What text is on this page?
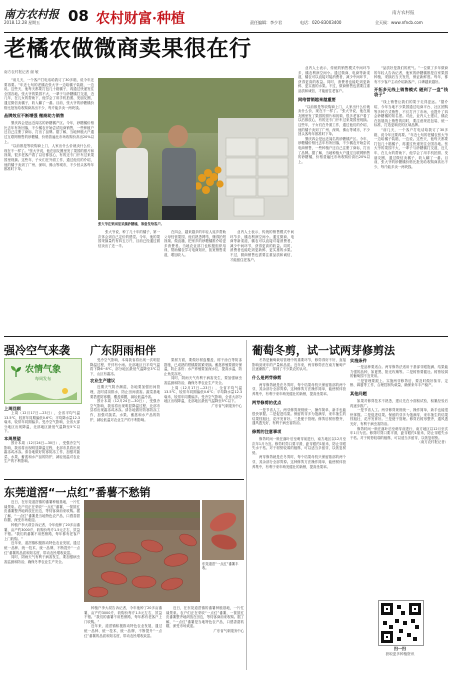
南方农村报
2018.12.28 星期五 08 农村财富·种植	责任编辑：李少君	电话：020-83003400	全天候：www.nfncb.com
南方农村报
老橘农做微商卖果很在行
南方农村报记者 谢 敏

“前几天，一个客户打电话给我订了30多箱，说今年还要再要。”年近七旬的老橘农张大爷一边给橘子装箱，一边说。这些天，他每天都要打包几十箱橘子，再通过快递发往全国各地。张大爷的果园不大，一辈子与砂糖橘打交道，近几年，在儿女的帮助下，他学会了用手机拍照、发朋友圈，通过微信卖橘子，收入翻了一番。目前，张大爷的砂糖橘价格比批发给收购商高出不少，每斤能多卖一两块钱。

品牌效应不断增强 微商助力销售

肇庆四会是远近闻名的砂糖橘产区。今年，砂糖橘价格比去年有所回落，不少橘农开始尝试电商销售，一些种植户还自己注册了商标，打出了品牌。据了解，当地种植大户通过互联网销售的砂糖橘，价格普遍比市场收购价高出20%以上。

“以前都是等收购商上门，人家出什么价就卖什么价，现在不一样了。”张大爷说，他在朋友圈里发了果园的照片和视频，很多老客户看了以后都放心，有的还专门开车过来果园里现摘。这些年，子女们在外面工作，通过他们的介绍，他的橘子卖到了广州、深圳、佛山等城市，不少回头客每年都准时下单。

张大爷在果园里采摘砂糖橘，准备发给客户。

张大爷说，种了几十年的橘子，第一次体会到自己定价的感觉。今年，他的果园采摘量约有四五万斤，目前已经通过微信卖出了近一半。

在四会，越来越多的年轻人返乡帮助父母经营果园，他们熟悉网络，懂得拍短视频、做直播，把家乡的砂糖橘推介给更多消费者。当地农业部门也积极组织培训，帮助橘农学习电商知识，拓宽销售渠道，增加收入。

业内人士表示，传统的销售模式中间环节多，橘农利润空间小。通过微商、电商等新渠道，橘农可以直接对接消费者，减少中间环节，获得更高的收益。同时，消费者也能吃到更新鲜、更实惠的水果。不过，微商销售也需要注重品质和诚信，才能留住老客户。

业内人士表示，传统的销售模式中间环节多，橘农利润空间小。通过微商、电商等新渠道，橘农可以直接对接消费者，减少中间环节，获得更高的收益。同时，消费者也能吃到更新鲜、更实惠的水果。不过，微商销售也需要注重品质和诚信，才能留住老客户。

网络营销越来越重要

“以前都是等收购商上门，人家出什么价就卖什么价，现在不一样了。”张大爷说，他在朋友圈里发了果园的照片和视频，很多老客户看了以后都放心，有的还专门开车过来果园里现摘。这些年，子女们在外面工作，通过他们的介绍，他的橘子卖到了广州、深圳、佛山等城市，不少回头客每年都准时下单。

肇庆四会是远近闻名的砂糖橘产区。今年，砂糖橘价格比去年有所回落，不少橘农开始尝试电商销售，一些种植户还自己注册了商标，打出了品牌。据了解，当地种植大户通过互联网销售的砂糖橘，价格普遍比市场收购价高出20%以上。

“品质好是我们的底气。”一位做了多年微商的年轻人告诉记者，他家的砂糖橘都是自家果园种植，采摘后当天发货，保证新鲜度。每年，都有不少客户主动介绍新客户，口碑越来越好。

开拓多元线上销售模式 砸到了一盘“钱袋子”

“线上销售让我们的果子走得更远。”据介绍，今年当地不少果园通过电商平台、社区团购等多种方式销售，不仅打开了市场，也提升了四会砂糖橘的知名度。对此，业内人士建议，橘农在拓展线上销售的同时，要注意规范包装、统一标准，打造更响亮的区域品牌。

“前几天，一个客户打电话给我订了30多箱，说今年还要再要。”年近七旬的老橘农张大爷一边给橘子装箱，一边说。这些天，他每天都要打包几十箱橘子，再通过快递发往全国各地。张大爷的果园不大，一辈子与砂糖橘打交道，近几年，在儿女的帮助下，他学会了用手机拍照、发朋友圈，通过微信卖橘子，收入翻了一番。目前，张大爷的砂糖橘价格比批发给收购商高出不少，每斤能多卖一两块钱。

强冷空气来袭
农情气象
每周发布
上周回顾

上周（12月17日—23日），全省平均气温13.5℃，较常年同期偏低0.6℃；平均降水量12.3毫米，较常年同期偏多。受冷空气影响，全省大部分地区出现降温，北部地区最低气温降至5℃以下。

本周展望

预计本周（12月24日—30日），受强冷空气影响，我省将出现明显降温过程，北部市县将出现霜冻或冰冻。请各地做好防寒防冻工作，加强对蔬菜、水果、畜禽和水产品的防护，减轻低温对农业生产的不利影响。

广东阴雨相伴

受冷空气影响，本周我省将出现一次明显降温过程，并伴有小雨。北部地区日平均气温将下降6~8℃，部分地区最低气温降至3℃以下，山区有霜冻。

农业生产建议

近期天气阴冷潮湿，各地要加强田间管理，及时清沟排水，防止田间渍害。蔬菜基地要搭建防寒棚，覆盖薄膜，减轻低温冷害。

预计本周（12月24日—30日），受强冷空气影响，我省将出现明显降温过程，北部市县将出现霜冻或冰冻。请各地做好防寒防冻工作，加强对蔬菜、水果、畜禽和水产品的防护，减轻低温对农业生产的不利影响。

果树方面，要做好树盘覆盖、树干涂白等防冻措施，已成熟的柑橘要抓紧采摘。畜禽养殖要做好保温，防止冻伤；水产养殖要加深水位，提高水温，防止鱼类冻死。

同时，阴雨天气有利于病害发生，要加强病虫害监测和防治，确保冬季农业生产安全。

上周（12月17日—23日），全省平均气温13.5℃，较常年同期偏低0.6℃；平均降水量12.3毫米，较常年同期偏多。受冷空气影响，全省大部分地区出现降温，北部地区最低气温降至5℃以下。

广东省气象服务中心
东莞道滘“一点红”番薯不愁销

近日，在东莞道滘镇的番薯种植基地，一片忙碌景象。农户们正在采收“一点红”番薯，一筐筐红皮番薯整齐地码放在田边，等待客商前来收购。据了解，“一点红”番薯是当地特色农产品，口感香甜软糯，深受市场欢迎。

种植户李大叔告诉记者，今年他种了20多亩番薯，亩产约3000斤，收购价每斤1.5元左右，效益不错。“我们的番薯不用愁销路，每年都有老客户上门收购。”

近年来，道滘镇积极推动特色农业发展，通过统一品种、统一技术、统一品牌，不断提升“一点红”番薯的品质和知名度，带动农民增收致富。

同时，阴雨天气有利于病害发生，要加强病虫害监测和防治，确保冬季农业生产安全。

东莞道滘“一点红”番薯丰收。

种植户李大叔告诉记者，今年他种了20多亩番薯，亩产约3000斤，收购价每斤1.5元左右，效益不错。“我们的番薯不用愁销路，每年都有老客户上门收购。”

近年来，道滘镇积极推动特色农业发展，通过统一品种、统一技术、统一品牌，不断提升“一点红”番薯的品质和知名度，带动农民增收致富。

近日，在东莞道滘镇的番薯种植基地，一片忙碌景象。农户们正在采收“一点红”番薯，一筐筐红皮番薯整齐地码放在田边，等待客商前来收购。据了解，“一点红”番薯是当地特色农产品，口感香甜软糯，深受市场欢迎。

广东省气象服务中心
葡萄冬剪，试一试两芽修剪法

冬剪是葡萄栽培管理中的重要环节，修剪得好不好，直接影响到来年的产量和品质。近年来，两芽修剪法在南方葡萄产区逐渐推广，得到了不少果农的认可。

什么是两芽修剪

两芽修剪就是在冬剪时，每个结果母枝只保留基部的两个芽，其余部分全部剪掉。这种修剪方法操作简单，能使树体营养集中，有利于来年萌发健壮的新梢，提高坐果率。

两芽修剪的优点

一是节省人工。两芽修剪规则统一，操作简单，新手也能很快掌握。二是促进结果。保留的芽多为饱满芽，来年抽生的结果枝粗壮，花序发育好。三是便于管理。修剪后树形整齐，通风透光好，有利于病虫害防治。

修剪的注意事项

修剪时间一般在落叶后至萌芽前进行，南方地区以12月至次年1月为宜。修剪时剪口要平滑，距芽眼约1厘米，防止芽眼失水干枯。对于树势较弱的植株，可以适当多留芽，以恢复树势。

两芽修剪就是在冬剪时，每个结果母枝只保留基部的两个芽，其余部分全部剪掉。这种修剪方法操作简单，能使树体营养集中，有利于来年萌发健壮的新梢，提高坐果率。

实施条件

一是品种要适合。两芽修剪法适用于基部芽眼饱满、结果能力强的品种，如夏黑、阳光玫瑰等。二是树势要健壮。树势较弱的葡萄园不宜采用。

三是管理要跟上。实施两芽修剪后，要及时做好抹芽、定梢、绑蔓等工作，合理控制负载量，确保来年丰产稳产。

其他问题

如果对修剪技术不熟悉，建议先在小面积试验，积累经验后再逐步推广。

一是节省人工。两芽修剪规则统一，操作简单，新手也能很快掌握。二是促进结果。保留的芽多为饱满芽，来年抽生的结果枝粗壮，花序发育好。三是便于管理。修剪后树形整齐，通风透光好，有利于病虫害防治。

修剪时间一般在落叶后至萌芽前进行，南方地区以12月至次年1月为宜。修剪时剪口要平滑，距芽眼约1厘米，防止芽眼失水干枯。对于树势较弱的植株，可以适当多留芽，以恢复树势。

（南方农村报记者）
扫一扫
获取更多种植资讯
